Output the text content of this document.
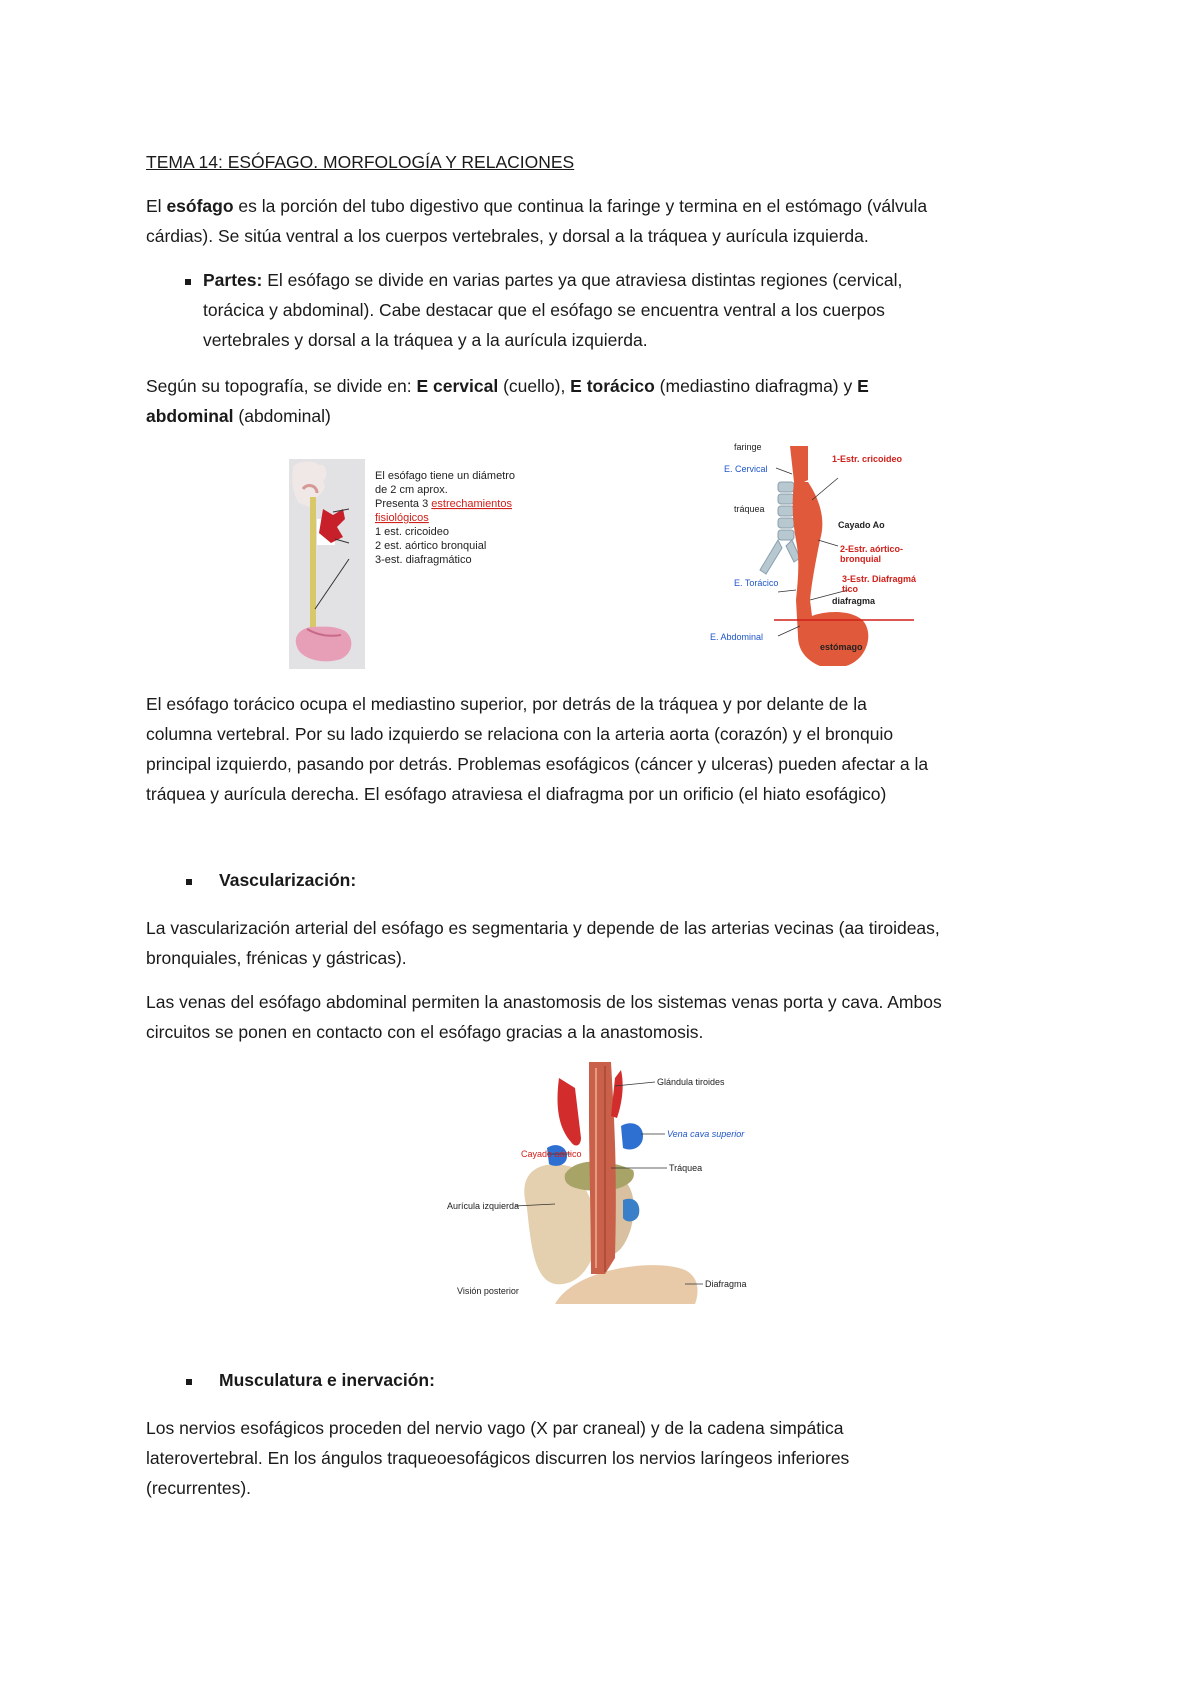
TEMA 14: ESÓFAGO. MORFOLOGÍA Y RELACIONES
El esófago es la porción del tubo digestivo que continua la faringe y termina en el estómago (válvula
cárdias). Se sitúa ventral a los cuerpos vertebrales, y dorsal a la tráquea y aurícula izquierda.
Partes: El esófago se divide en varias partes ya que atraviesa distintas regiones (cervical,
torácica y abdominal). Cabe destacar que el esófago se encuentra ventral a los cuerpos
vertebrales y dorsal a la tráquea y a la aurícula izquierda.
Según su topografía, se divide en: E cervical (cuello), E torácico (mediastino diafragma) y E
abdominal (abdominal)
El esófago tiene un diámetro
de 2 cm aprox.
Presenta 3 estrechamientos
fisiológicos
1 est. cricoideo
2 est. aórtico bronquial
3-est. diafragmático
faringe
E. Cervical
tráquea
E. Torácico
E. Abdominal
1-Estr. cricoideo
Cayado Ao
2-Estr. aórtico-
bronquial
3-Estr. Diafragmá
tico
diafragma
estómago
El esófago torácico ocupa el mediastino superior, por detrás de la tráquea y por delante de la
columna vertebral. Por su lado izquierdo se relaciona con la arteria aorta (corazón) y el bronquio
principal izquierdo, pasando por detrás. Problemas esofágicos (cáncer y ulceras) pueden afectar a la
tráquea y aurícula derecha. El esófago atraviesa el diafragma por un orificio (el hiato esofágico)
Vascularización:
La vascularización arterial del esófago es segmentaria y depende de las arterias vecinas (aa tiroideas,
bronquiales, frénicas y gástricas).
Las venas del esófago abdominal permiten la anastomosis de los sistemas venas porta y cava. Ambos
circuitos se ponen en contacto con el esófago gracias a la anastomosis.
Glándula tiroides
Vena cava superior
Cayado aórtico
Tráquea
Aurícula izquierda
Visión posterior
Diafragma
Musculatura e inervación:
Los nervios esofágicos proceden del nervio vago (X par craneal) y de la cadena simpática
laterovertebral. En los ángulos traqueoesofágicos discurren los nervios laríngeos inferiores
(recurrentes).
